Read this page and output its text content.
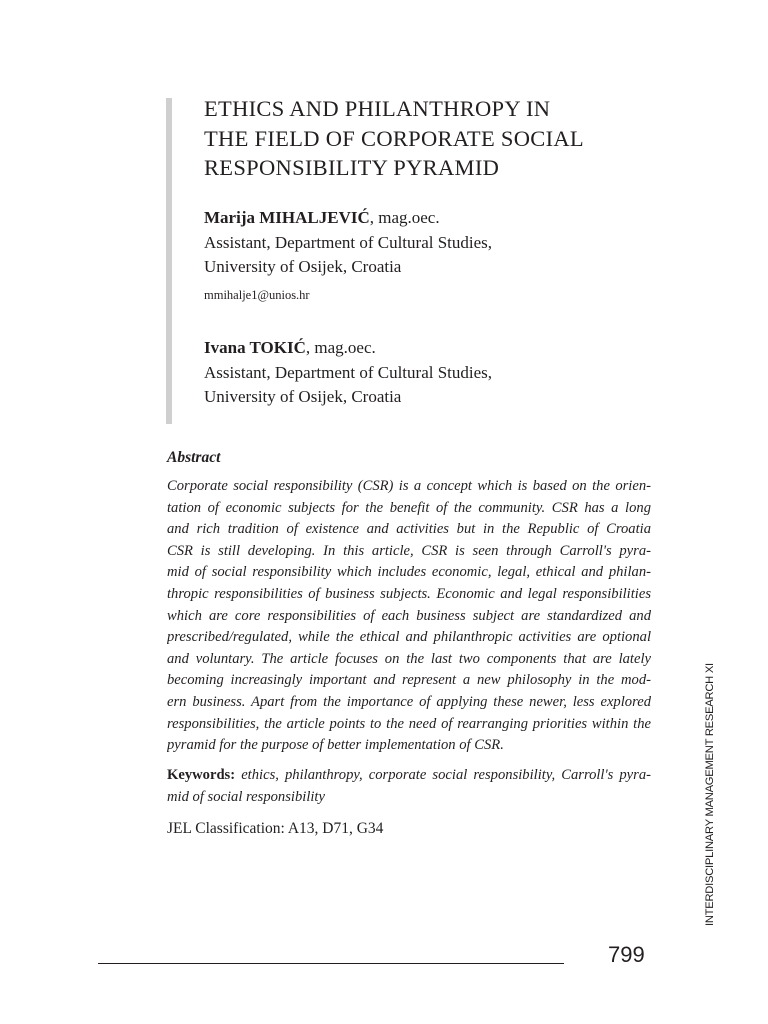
ETHICS AND PHILANTHROPY IN
THE FIELD OF CORPORATE SOCIAL
RESPONSIBILITY PYRAMID
Marija MIHALJEVIĆ, mag.oec.
Assistant, Department of Cultural Studies,
University of Osijek, Croatia
mmihalje1@unios.hr
Ivana TOKIĆ, mag.oec.
Assistant, Department of Cultural Studies,
University of Osijek, Croatia
Abstract
Corporate social responsibility (CSR) is a concept which is based on the orien-
tation of economic subjects for the benefit of the community. CSR has a long
and rich tradition of existence and activities but in the Republic of Croatia
CSR is still developing. In this article, CSR is seen through Carroll's pyra-
mid of social responsibility which includes economic, legal, ethical and philan-
thropic responsibilities of business subjects. Economic and legal responsibilities
which are core responsibilities of each business subject are standardized and
prescribed/regulated, while the ethical and philanthropic activities are optional
and voluntary. The article focuses on the last two components that are lately
becoming increasingly important and represent a new philosophy in the mod-
ern business. Apart from the importance of applying these newer, less explored
responsibilities, the article points to the need of rearranging priorities within the
pyramid for the purpose of better implementation of CSR.
Keywords: ethics, philanthropy, corporate social responsibility, Carroll's pyra-
mid of social responsibility
JEL Classification: A13, D71, G34	INTERDISCIPLINARY MANAGEMENT RESEARCH XI
799
